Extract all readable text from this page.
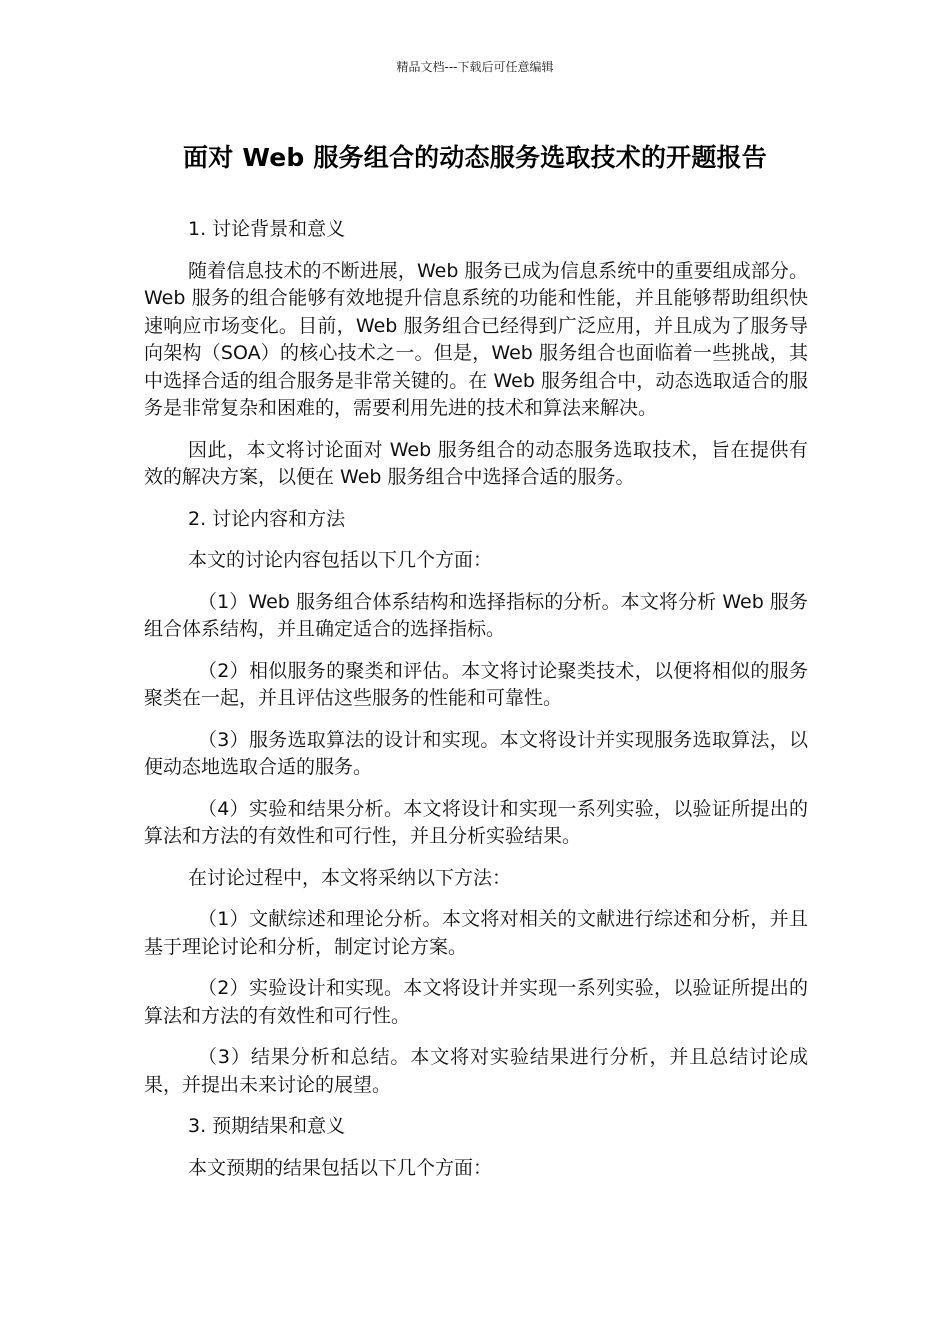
精品文档---下载后可任意编辑
面对 Web 服务组合的动态服务选取技术的开题报告

1. 讨论背景和意义

随着信息技术的不断进展，Web 服务已成为信息系统中的重要组成部分。Web 服务的组合能够有效地提升信息系统的功能和性能，并且能够帮助组织快速响应市场变化。目前，Web 服务组合已经得到广泛应用，并且成为了服务导向架构（SOA）的核心技术之一。但是，Web 服务组合也面临着一些挑战，其中选择合适的组合服务是非常关键的。在 Web 服务组合中，动态选取适合的服务是非常复杂和困难的，需要利用先进的技术和算法来解决。

因此，本文将讨论面对 Web 服务组合的动态服务选取技术，旨在提供有效的解决方案，以便在 Web 服务组合中选择合适的服务。

2. 讨论内容和方法

本文的讨论内容包括以下几个方面：

（1）Web 服务组合体系结构和选择指标的分析。本文将分析 Web 服务组合体系结构，并且确定适合的选择指标。

（2）相似服务的聚类和评估。本文将讨论聚类技术，以便将相似的服务聚类在一起，并且评估这些服务的性能和可靠性。

（3）服务选取算法的设计和实现。本文将设计并实现服务选取算法，以便动态地选取合适的服务。

（4）实验和结果分析。本文将设计和实现一系列实验，以验证所提出的算法和方法的有效性和可行性，并且分析实验结果。

在讨论过程中，本文将采纳以下方法：

（1）文献综述和理论分析。本文将对相关的文献进行综述和分析，并且基于理论讨论和分析，制定讨论方案。

（2）实验设计和实现。本文将设计并实现一系列实验，以验证所提出的算法和方法的有效性和可行性。

（3）结果分析和总结。本文将对实验结果进行分析，并且总结讨论成果，并提出未来讨论的展望。

3. 预期结果和意义

本文预期的结果包括以下几个方面：
